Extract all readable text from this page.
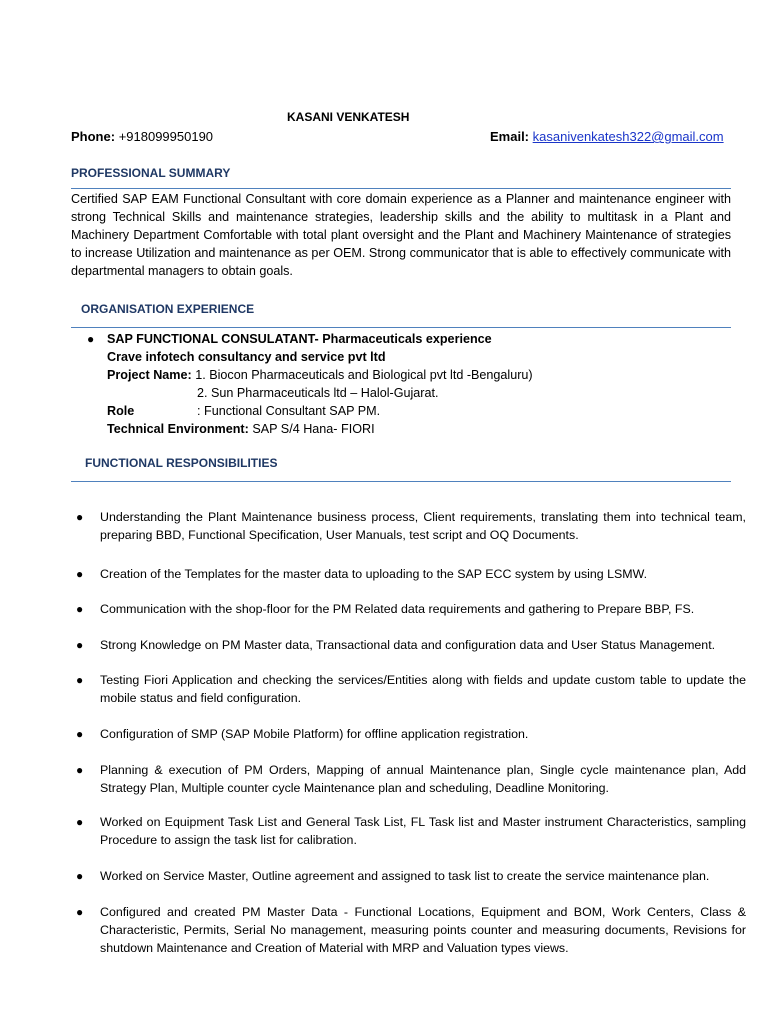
KASANI VENKATESH
Phone: +918099950190	Email: kasanivenkatesh322@gmail.com
PROFESSIONAL SUMMARY
Certified SAP EAM Functional Consultant with core domain experience as a Planner and maintenance engineer with strong Technical Skills and maintenance strategies, leadership skills and the ability to multitask in a Plant and Machinery Department Comfortable with total plant oversight and the Plant and Machinery Maintenance of strategies to increase Utilization and maintenance as per OEM. Strong communicator that is able to effectively communicate with departmental managers to obtain goals.
ORGANISATION EXPERIENCE
● SAP FUNCTIONAL CONSULATANT- Pharmaceuticals experience
Crave infotech consultancy and service pvt ltd
Project Name: 1. Biocon Pharmaceuticals and Biological pvt ltd -Bengaluru)
2. Sun Pharmaceuticals ltd – Halol-Gujarat.
Role	: Functional Consultant SAP PM.
Technical Environment: SAP S/4 Hana- FIORI
FUNCTIONAL RESPONSIBILITIES
● Understanding the Plant Maintenance business process, Client requirements, translating them into technical team, preparing BBD, Functional Specification, User Manuals, test script and OQ Documents.
● Creation of the Templates for the master data to uploading to the SAP ECC system by using LSMW.
● Communication with the shop-floor for the PM Related data requirements and gathering to Prepare BBP, FS.
● Strong Knowledge on PM Master data, Transactional data and configuration data and User Status Management.
● Testing Fiori Application and checking the services/Entities along with fields and update custom table to update the mobile status and field configuration.
● Configuration of SMP (SAP Mobile Platform) for offline application registration.
● Planning & execution of PM Orders, Mapping of annual Maintenance plan, Single cycle maintenance plan, Add Strategy Plan, Multiple counter cycle Maintenance plan and scheduling, Deadline Monitoring.
● Worked on Equipment Task List and General Task List, FL Task list and Master instrument Characteristics, sampling Procedure to assign the task list for calibration.
● Worked on Service Master, Outline agreement and assigned to task list to create the service maintenance plan.
● Configured and created PM Master Data - Functional Locations, Equipment and BOM, Work Centers, Class & Characteristic, Permits, Serial No management, measuring points counter and measuring documents, Revisions for shutdown Maintenance and Creation of Material with MRP and Valuation types views.
